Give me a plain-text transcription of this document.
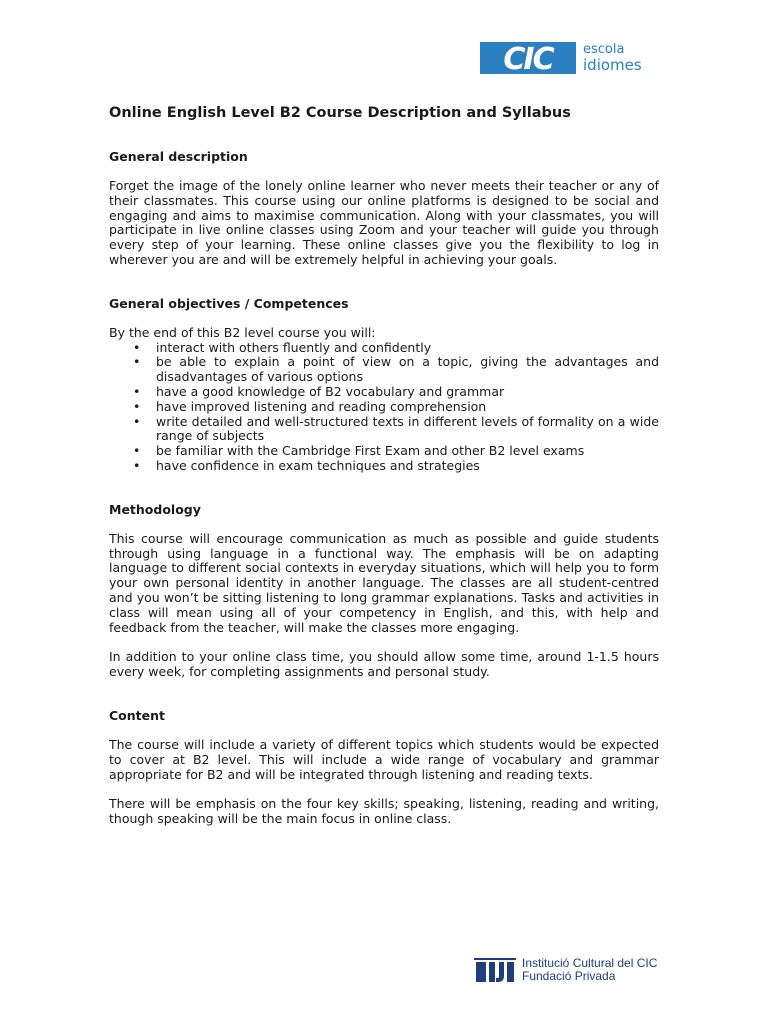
CIC escola
idiomes
Online English Level B2 Course Description and Syllabus
General description

Forget the image of the lonely online learner who never meets their teacher or any of their classmates. This course using our online platforms is designed to be social and engaging and aims to maximise communication. Along with your classmates, you will participate in live online classes using Zoom and your teacher will guide you through every step of your learning. These online classes give you the flexibility to log in wherever you are and will be extremely helpful in achieving your goals.

General objectives / Competences

By the end of this B2 level course you will:

• interact with others fluently and confidently
• be able to explain a point of view on a topic, giving the advantages and disadvantages of various options
• have a good knowledge of B2 vocabulary and grammar
• have improved listening and reading comprehension
• write detailed and well-structured texts in different levels of formality on a wide range of subjects
• be familiar with the Cambridge First Exam and other B2 level exams
• have confidence in exam techniques and strategies
Methodology

This course will encourage communication as much as possible and guide students through using language in a functional way. The emphasis will be on adapting language to different social contexts in everyday situations, which will help you to form your own personal identity in another language. The classes are all student-centred and you won’t be sitting listening to long grammar explanations. Tasks and activities in class will mean using all of your competency in English, and this, with help and feedback from the teacher, will make the classes more engaging.

In addition to your online class time, you should allow some time, around 1-1.5 hours every week, for completing assignments and personal study.

Content

The course will include a variety of different topics which students would be expected to cover at B2 level. This will include a wide range of vocabulary and grammar appropriate for B2 and will be integrated through listening and reading texts.

There will be emphasis on the four key skills; speaking, listening, reading and writing, though speaking will be the main focus in online class.

Institució Cultural del CIC
Fundació Privada
